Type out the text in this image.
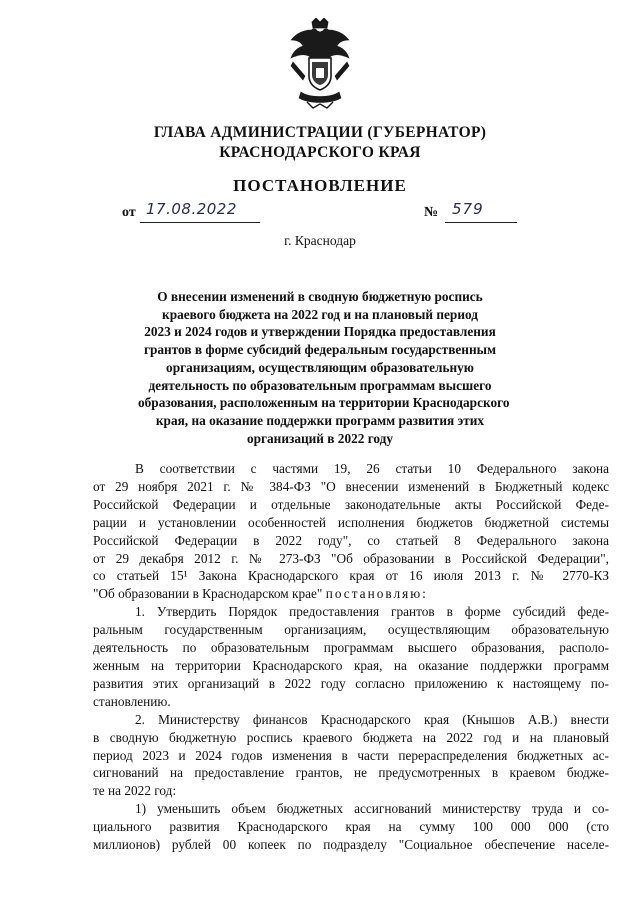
ГЛАВА АДМИНИСТРАЦИИ (ГУБЕРНАТОР)
КРАСНОДАРСКОГО КРАЯ
ПОСТАНОВЛЕНИЕ
от 17.08.2022	№ 579
г. Краснодар
О внесении изменений в сводную бюджетную роспись
краевого бюджета на 2022 год и на плановый период
2023 и 2024 годов и утверждении Порядка предоставления
грантов в форме субсидий федеральным государственным
организациям, осуществляющим образовательную
деятельность по образовательным программам высшего
образования, расположенным на территории Краснодарского
края, на оказание поддержки программ развития этих
организаций в 2022 году
В соответствии с частями 19, 26 статьи 10 Федерального закона
от 29 ноября 2021 г. № 384-ФЗ "О внесении изменений в Бюджетный кодекс
Российской Федерации и отдельные законодательные акты Российской Феде-
рации и установлении особенностей исполнения бюджетов бюджетной системы
Российской Федерации в 2022 году", со статьей 8 Федерального закона
от 29 декабря 2012 г. № 273-ФЗ "Об образовании в Российской Федерации",
со статьей 15¹ Закона Краснодарского края от 16 июля 2013 г. № 2770-КЗ
"Об образовании в Краснодарском крае" постановляю:
1. Утвердить Порядок предоставления грантов в форме субсидий феде-
ральным государственным организациям, осуществляющим образовательную
деятельность по образовательным программам высшего образования, располо-
женным на территории Краснодарского края, на оказание поддержки программ
развития этих организаций в 2022 году согласно приложению к настоящему по-
становлению.
2. Министерству финансов Краснодарского края (Кнышов А.В.) внести
в сводную бюджетную роспись краевого бюджета на 2022 год и на плановый
период 2023 и 2024 годов изменения в части перераспределения бюджетных ас-
сигнований на предоставление грантов, не предусмотренных в краевом бюдже-
те на 2022 год:
1) уменьшить объем бюджетных ассигнований министерству труда и со-
циального развития Краснодарского края на сумму 100 000 000 (сто
миллионов) рублей 00 копеек по подразделу "Социальное обеспечение населе-
